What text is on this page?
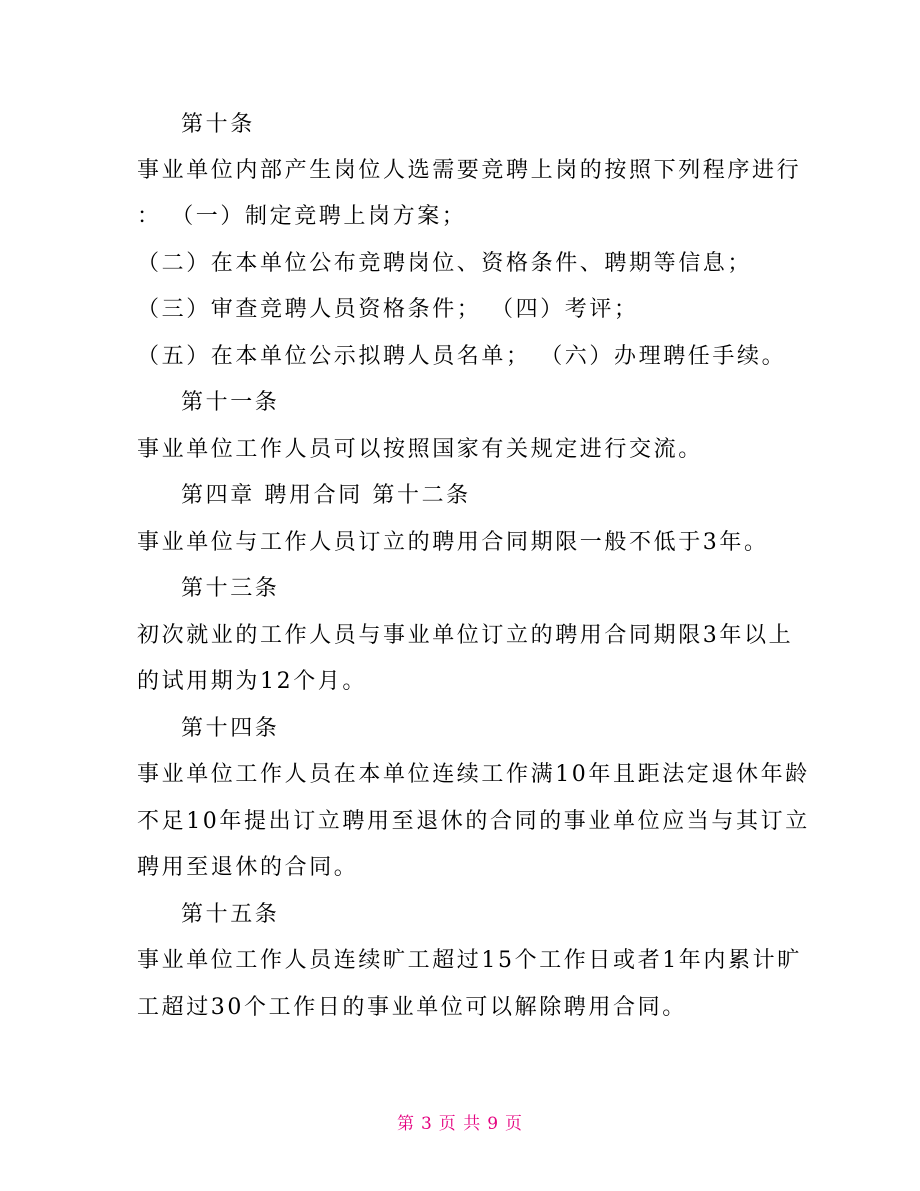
第十条
事业单位内部产生岗位人选需要竞聘上岗的按照下列程序进行
： （一）制定竞聘上岗方案；
（二）在本单位公布竞聘岗位、资格条件、聘期等信息；
（三）审查竞聘人员资格条件； （四）考评；
（五）在本单位公示拟聘人员名单； （六）办理聘任手续。
第十一条
事业单位工作人员可以按照国家有关规定进行交流。
第四章 聘用合同 第十二条
事业单位与工作人员订立的聘用合同期限一般不低于3年。
第十三条
初次就业的工作人员与事业单位订立的聘用合同期限3年以上
的试用期为12个月。
第十四条
事业单位工作人员在本单位连续工作满10年且距法定退休年龄
不足10年提出订立聘用至退休的合同的事业单位应当与其订立
聘用至退休的合同。
第十五条
事业单位工作人员连续旷工超过15个工作日或者1年内累计旷
工超过30个工作日的事业单位可以解除聘用合同。
第 3 页 共 9 页
